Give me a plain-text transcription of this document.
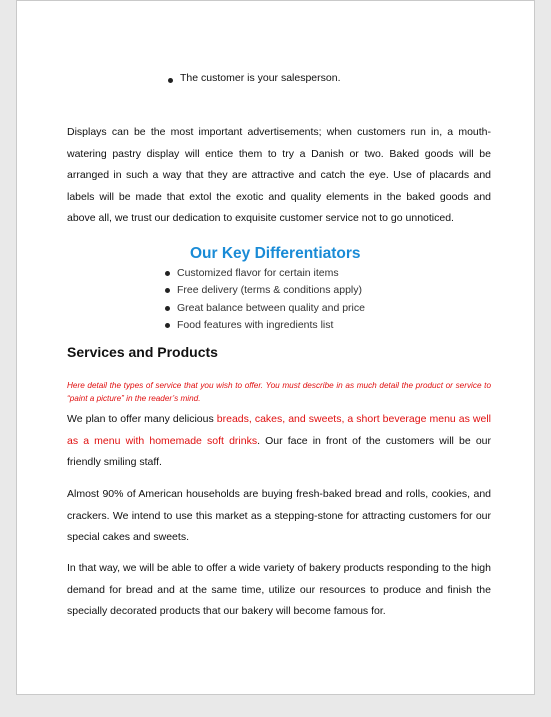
The customer is your salesperson.

Displays can be the most important advertisements; when customers run in, a mouth-watering pastry display will entice them to try a Danish or two. Baked goods will be arranged in such a way that they are attractive and catch the eye. Use of placards and labels will be made that extol the exotic and quality elements in the baked goods and above all, we trust our dedication to exquisite customer service not to go unnoticed.

Our Key Differentiators
Customized flavor for certain items
Free delivery (terms & conditions apply)
Great balance between quality and price
Food features with ingredients list
Services and Products

Here detail the types of service that you wish to offer. You must describe in as much detail the product or service to “paint a picture” in the reader’s mind.

We plan to offer many delicious breads, cakes, and sweets, a short beverage menu as well as a menu with homemade soft drinks. Our face in front of the customers will be our friendly smiling staff.

Almost 90% of American households are buying fresh-baked bread and rolls, cookies, and crackers. We intend to use this market as a stepping-stone for attracting customers for our special cakes and sweets.

In that way, we will be able to offer a wide variety of bakery products responding to the high demand for bread and at the same time, utilize our resources to produce and finish the specially decorated products that our bakery will become famous for.
